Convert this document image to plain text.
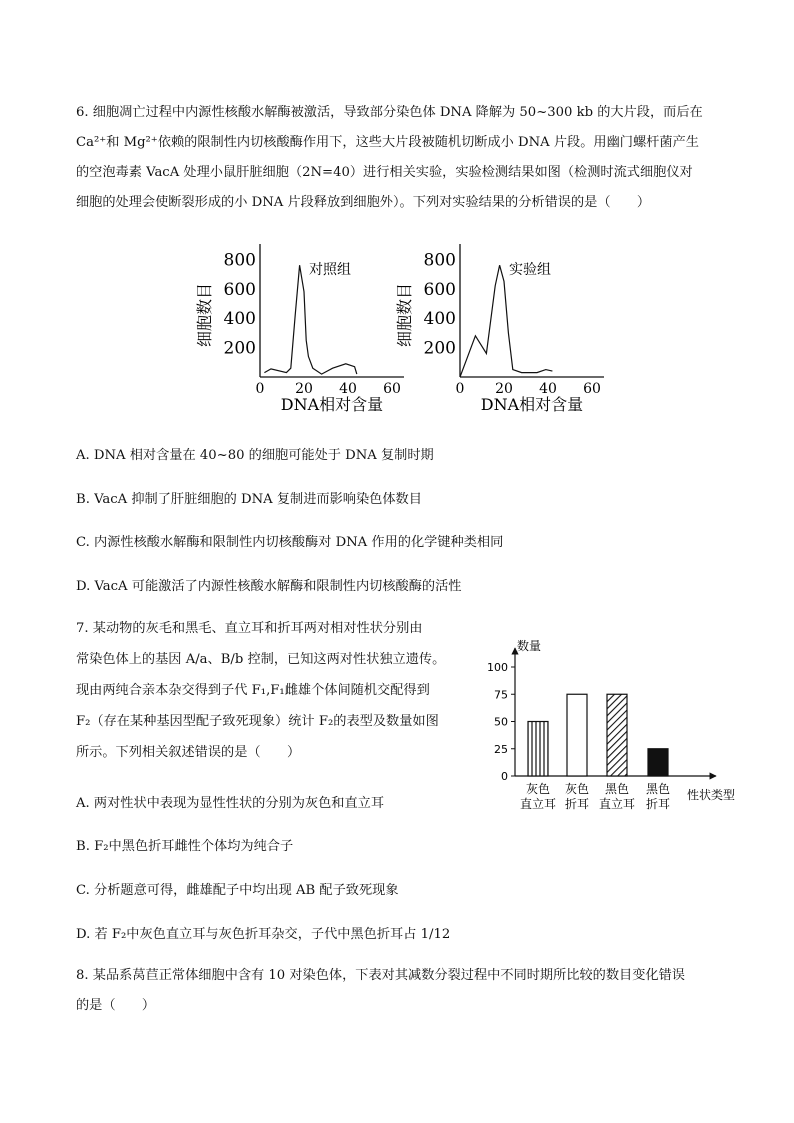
6. 细胞凋亡过程中内源性核酸水解酶被激活，导致部分染色体 DNA 降解为 50~300 kb 的大片段，而后在
Ca²⁺和 Mg²⁺依赖的限制性内切核酸酶作用下，这些大片段被随机切断成小 DNA 片段。用幽门螺杆菌产生
的空泡毒素 VacA 处理小鼠肝脏细胞（2N=40）进行相关实验，实验检测结果如图（检测时流式细胞仪对
细胞的处理会使断裂形成的小 DNA 片段释放到细胞外）。下列对实验结果的分析错误的是（　　）
200
400
600
800
0 20 40 60
DNA相对含量
细胞数目
对照组
200
400
600
800
0 20 40 60
DNA相对含量
细胞数目
实验组
A. DNA 相对含量在 40~80 的细胞可能处于 DNA 复制时期
B. VacA 抑制了肝脏细胞的 DNA 复制进而影响染色体数目
C. 内源性核酸水解酶和限制性内切核酸酶对 DNA 作用的化学键种类相同
D. VacA 可能激活了内源性核酸水解酶和限制性内切核酸酶的活性
7. 某动物的灰毛和黑毛、直立耳和折耳两对相对性状分别由
常染色体上的基因 A/a、B/b 控制，已知这两对性状独立遗传。
现由两纯合亲本杂交得到子代 F₁,F₁雌雄个体间随机交配得到
F₂（存在某种基因型配子致死现象）统计 F₂的表型及数量如图
所示。下列相关叙述错误的是（　　）
数量
性状类型
0
25
50
75
100
灰色
直立耳
灰色
折耳
黑色
直立耳
黑色
折耳
A. 两对性状中表现为显性性状的分别为灰色和直立耳
B. F₂中黑色折耳雌性个体均为纯合子
C. 分析题意可得，雌雄配子中均出现 AB 配子致死现象
D. 若 F₂中灰色直立耳与灰色折耳杂交，子代中黑色折耳占 1/12
8. 某品系莴苣正常体细胞中含有 10 对染色体，下表对其减数分裂过程中不同时期所比较的数目变化错误
的是（　　）
